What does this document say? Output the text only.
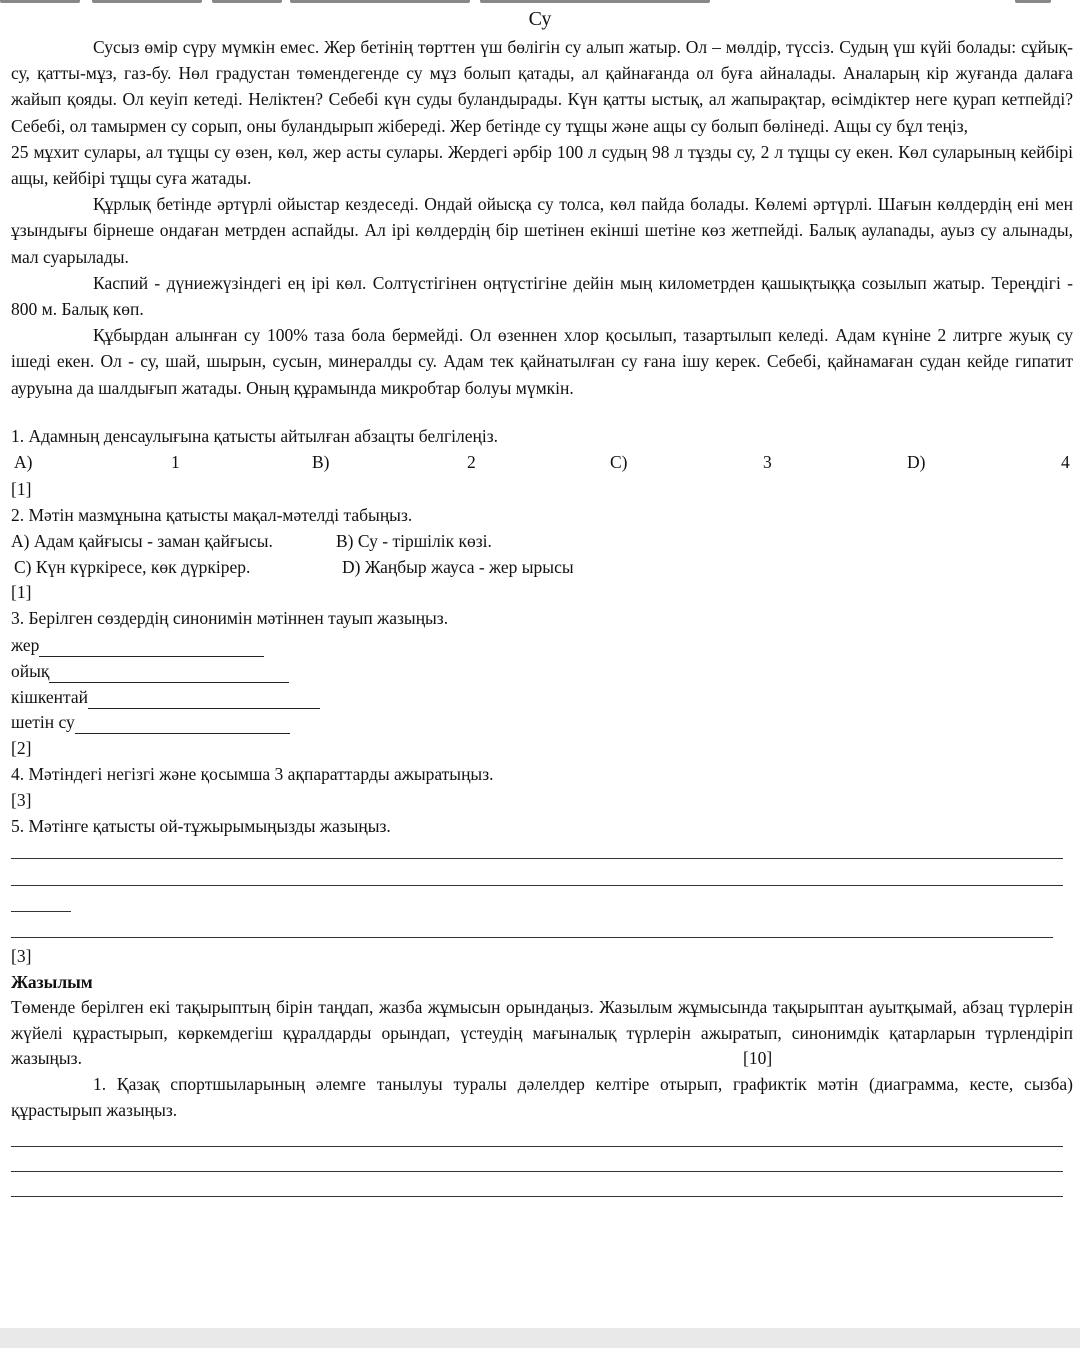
Су

Сусыз өмір сүру мүмкін емес. Жер бетінің төрттен үш бөлігін су алып жатыр. Ол – мөлдір, түссіз. Судың үш күйі болады: сұйық-су, қатты-мұз, газ-бу. Нөл градустан төмендегенде су мұз болып қатады, ал қайнағанда ол буға айналады. Аналарың кір жуғанда далаға жайып қояды. Ол кеуіп кетеді. Неліктен? Себебі күн суды буландырады. Күн қатты ыстық, ал жапырақтар, өсімдіктер неге қурап кетпейді? Себебі, ол тамырмен су сорып, оны буландырып жібереді. Жер бетінде су тұщы және ащы су болып бөлінеді. Ащы су бұл теңіз,

25 мұхит сулары, ал тұщы су өзен, көл, жер асты сулары. Жердегі әрбір 100 л судың 98 л тұзды су, 2 л тұщы су екен. Көл суларының кейбірі ащы, кейбірі тұщы суға жатады.

Құрлық бетінде әртүрлі ойыстар кездеседі. Ондай ойысқа су толса, көл пайда болады. Көлемі әртүрлі. Шағын көлдердің ені мен ұзындығы бірнеше ондаған метрден аспайды. Ал ірі көлдердің бір шетінен екінші шетіне көз жетпейді. Балық аулanады, ауыз су алынады, мал суарылады.

Каспий - дүниежүзіндегі ең ірі көл. Солтүстігінен оңтүстігіне дейін мың километрден қашықтыққа созылып жатыр. Тереңдігі - 800 м. Балық көп.

Құбырдан алынған су 100% таза бола бермейді. Ол өзеннен хлор қосылып, тазартылып келеді. Адам күніне 2 литрге жуық су ішеді екен. Ол - су, шай, шырын, сусын, минералды су. Адам тек қайнатылған су ғана ішу керек. Себебі, қайнамаған судан кейде гипатит ауруына да шалдығып жатады. Оның құрамында микробтар болуы мүмкін.

1. Адамның денсаулығына қатысты айтылған абзацты белгілеңіз.
A)	1	B)	2	C)	3	D)	4
[1]
2. Мәтін мазмұнына қатысты мақал-мәтелді табыңыз.
A) Адам қайғысы - заман қайғысы.	B) Су - тіршілік көзі.
C) Күн күркіресе, көк дүркірер.	D) Жаңбыр жауса - жер ырысы
[1]
3. Берілген сөздердің синонимін мәтіннен тауып жазыңыз.
жер
ойық
кішкентай
шетін су
[2]
4. Мәтіндегі негізгі және қосымша 3 ақпараттарды ажыратыңыз.
[3]
5. Мәтінге қатысты ой-тұжырымыңызды жазыңыз.
[3]
Жазылым
Төменде берілген екі тақырыптың бірін таңдап, жазба жұмысын орындаңыз. Жазылым жұмысында тақырыптан ауытқымай, абзац түрлерін жүйелі құрастырып, көркемдегіш құралдарды орындап, үстеудің мағыналық түрлерін ажыратып, синонимдік қатарларын түрлендіріп жазыңыз.	[10]
1. Қазақ спортшыларының әлемге танылуы туралы дәлелдер келтіре отырып, графиктік мәтін (диаграмма, кесте, сызба) құрастырып жазыңыз.
